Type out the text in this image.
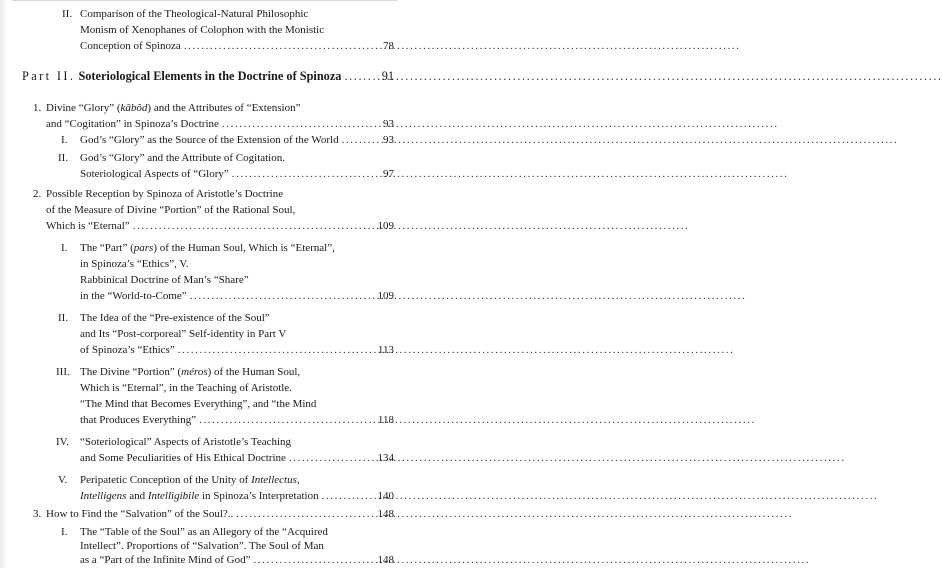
II. Comparison of the Theological-Natural Philosophic
Monism of Xenophanes of Colophon with the Monistic
Conception of Spinoza .....	78
Part II. Soteriological Elements in the Doctrine of Spinoza .....	91
1. Divine “Glory” (kābôd) and the Attributes of “Extension”
and “Cogitation” in Spinoza’s Doctrine .....	93
I. God’s “Glory” as the Source of the Extension of the World .....	93
II. God’s “Glory” and the Attribute of Cogitation.
Soteriological Aspects of “Glory” .....	97
2. Possible Reception by Spinoza of Aristotle’s Doctrine
of the Measure of Divine “Portion” of the Rational Soul,
Which is “Eternal” .....	109
I. The “Part” (pars) of the Human Soul, Which is “Eternal”,
in Spinoza’s “Ethics”, V.
Rabbinical Doctrine of Man’s “Share”
in the “World-to-Come” .....	109
II. The Idea of the “Pre-existence of the Soul”
and Its “Post-corporeal” Self-identity in Part V
of Spinoza’s “Ethics” .....	113
III. The Divine “Portion” (méros) of the Human Soul,
Which is “Eternal”, in the Teaching of Aristotle.
“The Mind that Becomes Everything”, and “the Mind
that Produces Everything” .....	118
IV. “Soteriological” Aspects of Aristotle’s Teaching
and Some Peculiarities of His Ethical Doctrine .....	134
V. Peripatetic Conception of the Unity of Intellectus,
Intelligens and Intelligibile in Spinoza’s Interpretation .....	140
3. How to Find the “Salvation” of the Soul?.. .....	148
I. The “Table of the Soul” as an Allegory of the “Acquired
Intellect”. Proportions of “Salvation”. The Soul of Man
as a “Part of the Infinite Mind of God” .....	148
